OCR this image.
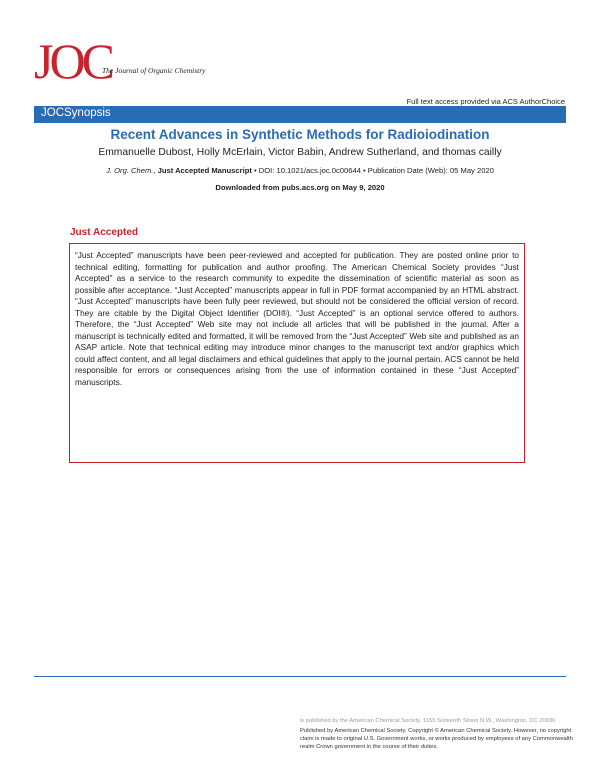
JOC
The Journal of Organic Chemistry
Full text access provided via ACS AuthorChoice
JOCSynopsis
Recent Advances in Synthetic Methods for Radioiodination
Emmanuelle Dubost, Holly McErlain, Victor Babin, Andrew Sutherland, and thomas cailly
J. Org. Chem., Just Accepted Manuscript • DOI: 10.1021/acs.joc.0c00644 • Publication Date (Web): 05 May 2020
Downloaded from pubs.acs.org on May 9, 2020
Just Accepted

“Just Accepted” manuscripts have been peer-reviewed and accepted for publication. They are posted online prior to technical editing, formatting for publication and author proofing. The American Chemical Society provides “Just Accepted” as a service to the research community to expedite the dissemination of scientific material as soon as possible after acceptance. “Just Accepted” manuscripts appear in full in PDF format accompanied by an HTML abstract. “Just Accepted” manuscripts have been fully peer reviewed, but should not be considered the official version of record. They are citable by the Digital Object Identifier (DOI®). “Just Accepted” is an optional service offered to authors. Therefore, the “Just Accepted” Web site may not include all articles that will be published in the journal. After a manuscript is technically edited and formatted, it will be removed from the “Just Accepted” Web site and published as an ASAP article. Note that technical editing may introduce minor changes to the manuscript text and/or graphics which could affect content, and all legal disclaimers and ethical guidelines that apply to the journal pertain. ACS cannot be held responsible for errors or consequences arising from the use of information contained in these “Just Accepted” manuscripts.

is published by the American Chemical Society. 1155 Sixteenth Street N.W., Washington, DC 20036

Published by American Chemical Society. Copyright © American Chemical Society. However, no copyright claim is made to original U.S. Government works, or works produced by employees of any Commonwealth realm Crown government in the course of their duties.
